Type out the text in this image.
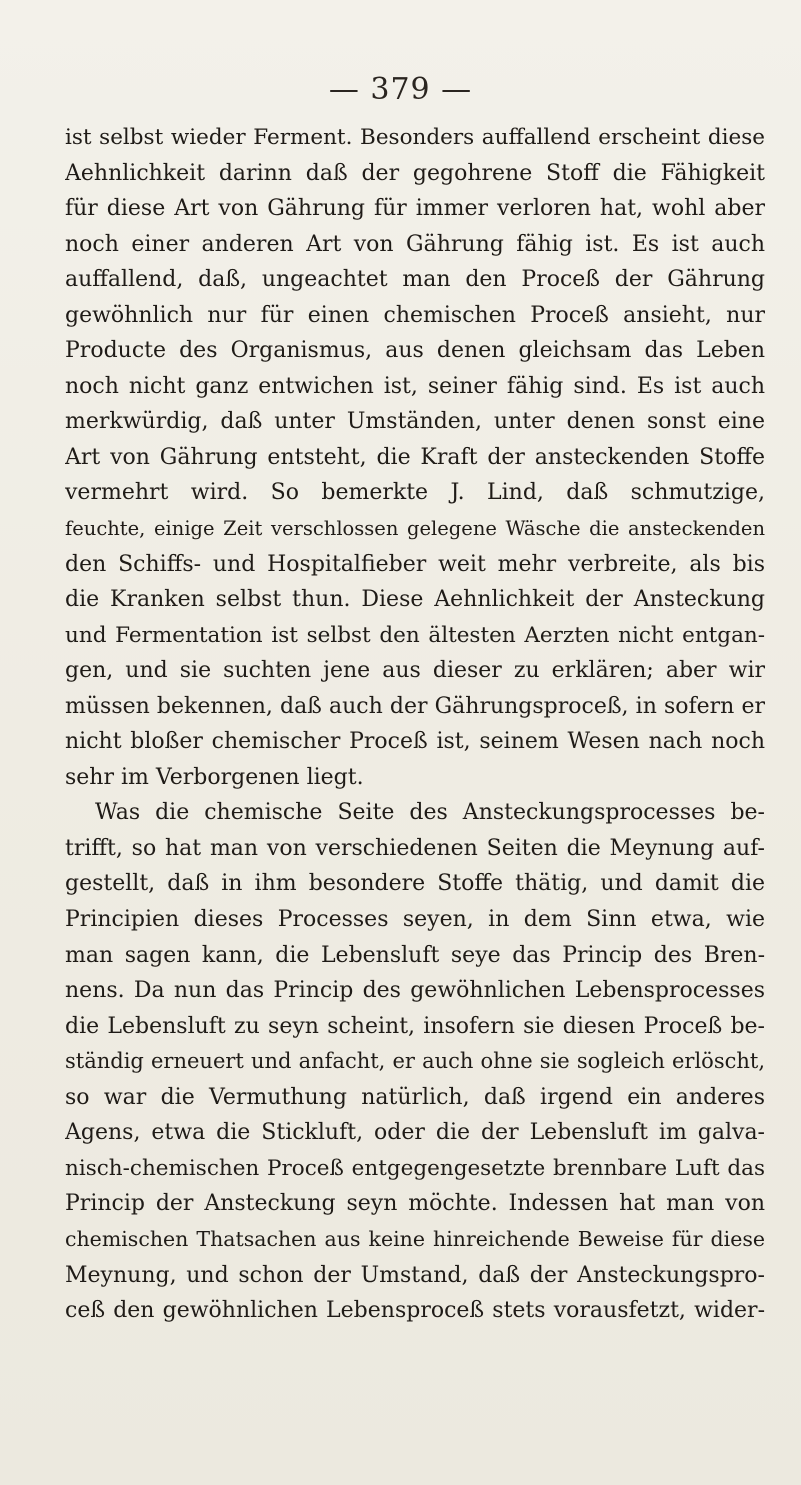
— 379 —
ist selbst wieder Ferment. Besonders auffallend erscheint diese
Aehnlichkeit darinn daß der gegohrene Stoff die Fähigkeit
für diese Art von Gährung für immer verloren hat, wohl aber
noch einer anderen Art von Gährung fähig ist. Es ist auch
auffallend, daß, ungeachtet man den Proceß der Gährung
gewöhnlich nur für einen chemischen Proceß ansieht, nur
Producte des Organismus, aus denen gleichsam das Leben
noch nicht ganz entwichen ist, seiner fähig sind. Es ist auch
merkwürdig, daß unter Umständen, unter denen sonst eine
Art von Gährung entsteht, die Kraft der ansteckenden Stoffe
vermehrt wird. So bemerkte J. Lind, daß schmutzige,
feuchte, einige Zeit verschlossen gelegene Wäsche die ansteckenden
den Schiffs- und Hospitalfieber weit mehr verbreite, als bis
die Kranken selbst thun. Diese Aehnlichkeit der Ansteckung
und Fermentation ist selbst den ältesten Aerzten nicht entgan-
gen, und sie suchten jene aus dieser zu erklären; aber wir
müssen bekennen, daß auch der Gährungsproceß, in sofern er
nicht bloßer chemischer Proceß ist, seinem Wesen nach noch
sehr im Verborgenen liegt.
Was die chemische Seite des Ansteckungsprocesses be-
trifft, so hat man von verschiedenen Seiten die Meynung auf-
gestellt, daß in ihm besondere Stoffe thätig, und damit die
Principien dieses Processes seyen, in dem Sinn etwa, wie
man sagen kann, die Lebensluft seye das Princip des Bren-
nens. Da nun das Princip des gewöhnlichen Lebensprocesses
die Lebensluft zu seyn scheint, insofern sie diesen Proceß be-
ständig erneuert und anfacht, er auch ohne sie sogleich erlöscht,
so war die Vermuthung natürlich, daß irgend ein anderes
Agens, etwa die Stickluft, oder die der Lebensluft im galva-
nisch-chemischen Proceß entgegengesetzte brennbare Luft das
Princip der Ansteckung seyn möchte. Indessen hat man von
chemischen Thatsachen aus keine hinreichende Beweise für diese
Meynung, und schon der Umstand, daß der Ansteckungspro-
ceß den gewöhnlichen Lebensproceß stets vorausfetzt, wider-
